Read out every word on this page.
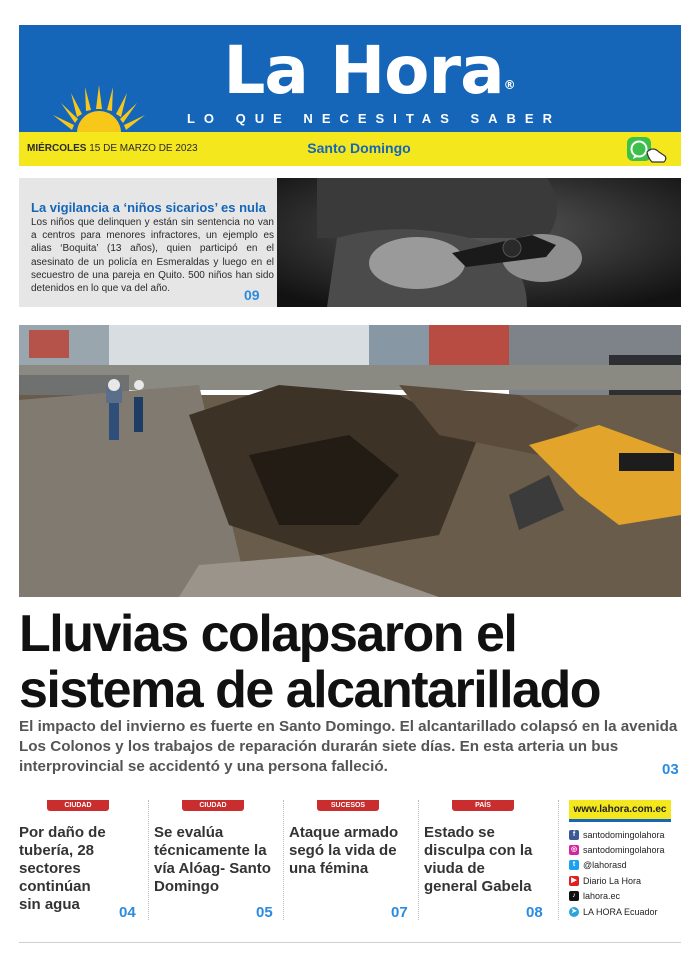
La Hora®
LO QUE NECESITAS SABER
MIÉRCOLES 15 DE MARZO DE 2023	Santo Domingo
La vigilancia a ‘niños sicarios’ es nula
Los niños que delinquen y están sin sentencia no van a centros para menores infractores, un ejemplo es alias ‘Boquita’ (13 años), quien participó en el asesinato de un policía en Esmeraldas y luego en el secuestro de una pareja en Quito. 500 niños han sido detenidos en lo que va del año.	09
Lluvias colapsaron el
sistema de alcantarillado
El impacto del invierno es fuerte en Santo Domingo. El alcantarillado colapsó en la avenida Los Colonos y los trabajos de reparación durarán siete días. En esta arteria un bus interprovincial se accidentó y una persona falleció.	03
CIUDAD
Por daño de tubería, 28 sectores continúan sin agua	04
CIUDAD
Se evalúa técnicamente la vía Alóag- Santo Domingo
05
SUCESOS
Ataque armado segó la vida de una fémina
07
PAÍS
Estado se disculpa con la viuda de general Gabela
08
www.lahora.com.ec
f santodomingolahora
◎ santodomingolahora
t @lahorasd
▶ Diario La Hora
♪ lahora.ec
➤ LA HORA Ecuador
